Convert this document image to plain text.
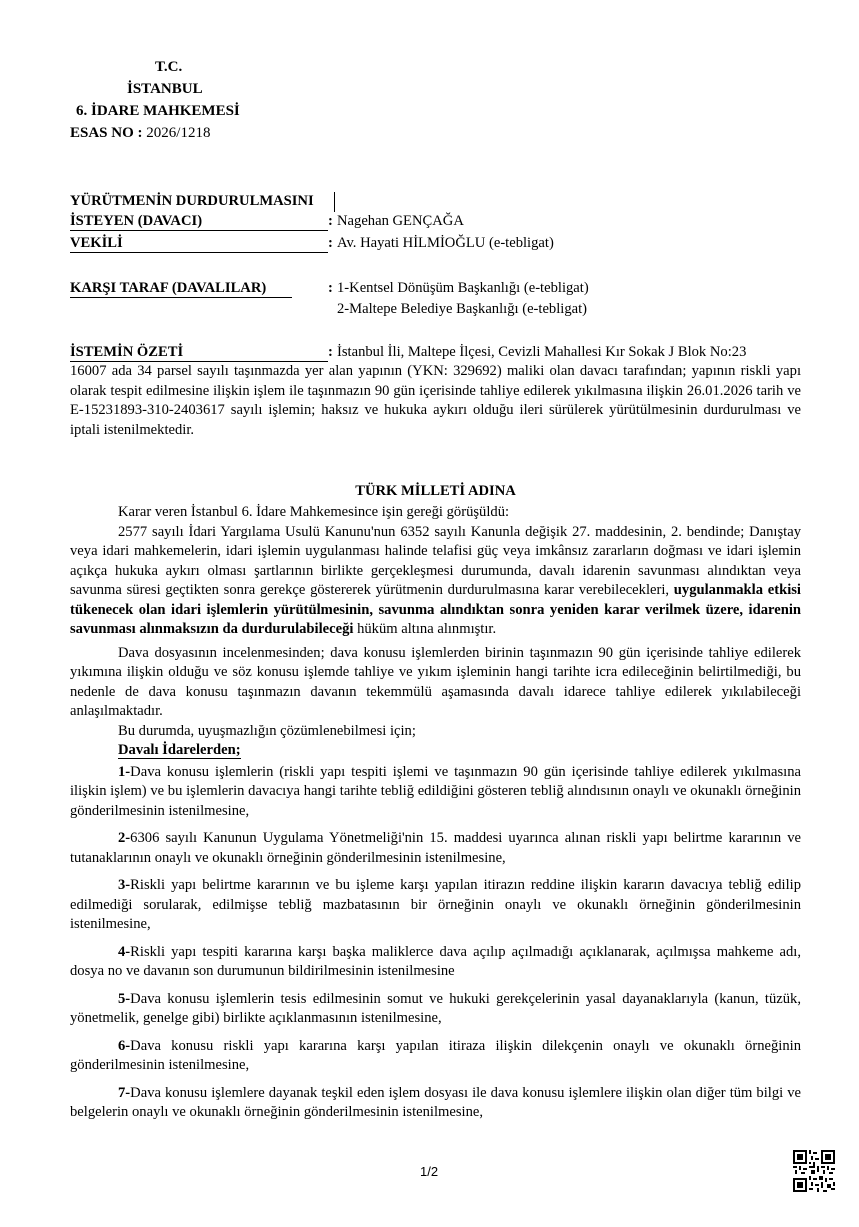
T.C.
İSTANBUL
6. İDARE MAHKEMESİ
ESAS NO : 2026/1218
YÜRÜTMENİN DURDURULMASINI
İSTEYEN (DAVACI)	: Nagehan GENÇAĞA
VEKİLİ	: Av. Hayati HİLMİOĞLU (e-tebligat)
KARŞI TARAF (DAVALILAR)	: 1-Kentsel Dönüşüm Başkanlığı (e-tebligat)
2-Maltepe Belediye Başkanlığı (e-tebligat)
İSTEMİN ÖZETİ	: İstanbul İli, Maltepe İlçesi, Cevizli Mahallesi Kır Sokak J Blok No:23

16007 ada 34 parsel sayılı taşınmazda yer alan yapının (YKN: 329692) maliki olan davacı tarafından; yapının riskli yapı olarak tespit edilmesine ilişkin işlem ile taşınmazın 90 gün içerisinde tahliye edilerek yıkılmasına ilişkin 26.01.2026 tarih ve E-15231893-310-2403617 sayılı işlemin; haksız ve hukuka aykırı olduğu ileri sürülerek yürütülmesinin durdurulması ve iptali istenilmektedir.

TÜRK MİLLETİ ADINA

Karar veren İstanbul 6. İdare Mahkemesince işin gereği görüşüldü:

2577 sayılı İdari Yargılama Usulü Kanunu'nun 6352 sayılı Kanunla değişik 27. maddesinin, 2. bendinde; Danıştay veya idari mahkemelerin, idari işlemin uygulanması halinde telafisi güç veya imkânsız zararların doğması ve idari işlemin açıkça hukuka aykırı olması şartlarının birlikte gerçekleşmesi durumunda, davalı idarenin savunması alındıktan veya savunma süresi geçtikten sonra gerekçe göstererek yürütmenin durdurulmasına karar verebilecekleri, uygulanmakla etkisi tükenecek olan idari işlemlerin yürütülmesinin, savunma alındıktan sonra yeniden karar verilmek üzere, idarenin savunması alınmaksızın da durdurulabileceği hüküm altına alınmıştır.

Dava dosyasının incelenmesinden; dava konusu işlemlerden birinin taşınmazın 90 gün içerisinde tahliye edilerek yıkımına ilişkin olduğu ve söz konusu işlemde tahliye ve yıkım işleminin hangi tarihte icra edileceğinin belirtilmediği, bu nedenle de dava konusu taşınmazın davanın tekemmülü aşamasında davalı idarece tahliye edilerek yıkılabileceği anlaşılmaktadır.

Bu durumda, uyuşmazlığın çözümlenebilmesi için;

Davalı İdarelerden;

1-Dava konusu işlemlerin (riskli yapı tespiti işlemi ve taşınmazın 90 gün içerisinde tahliye edilerek yıkılmasına ilişkin işlem) ve bu işlemlerin davacıya hangi tarihte tebliğ edildiğini gösteren tebliğ alındısının onaylı ve okunaklı örneğinin gönderilmesinin istenilmesine,

2-6306 sayılı Kanunun Uygulama Yönetmeliği'nin 15. maddesi uyarınca alınan riskli yapı belirtme kararının ve tutanaklarının onaylı ve okunaklı örneğinin gönderilmesinin istenilmesine,

3-Riskli yapı belirtme kararının ve bu işleme karşı yapılan itirazın reddine ilişkin kararın davacıya tebliğ edilip edilmediği sorularak, edilmişse tebliğ mazbatasının bir örneğinin onaylı ve okunaklı örneğinin gönderilmesinin istenilmesine,

4-Riskli yapı tespiti kararına karşı başka maliklerce dava açılıp açılmadığı açıklanarak, açılmışsa mahkeme adı, dosya no ve davanın son durumunun bildirilmesinin istenilmesine

5-Dava konusu işlemlerin tesis edilmesinin somut ve hukuki gerekçelerinin yasal dayanaklarıyla (kanun, tüzük, yönetmelik, genelge gibi) birlikte açıklanmasının istenilmesine,

6-Dava konusu riskli yapı kararına karşı yapılan itiraza ilişkin dilekçenin onaylı ve okunaklı örneğinin gönderilmesinin istenilmesine,

7-Dava konusu işlemlere dayanak teşkil eden işlem dosyası ile dava konusu işlemlere ilişkin olan diğer tüm bilgi ve belgelerin onaylı ve okunaklı örneğinin gönderilmesinin istenilmesine,

1/2
